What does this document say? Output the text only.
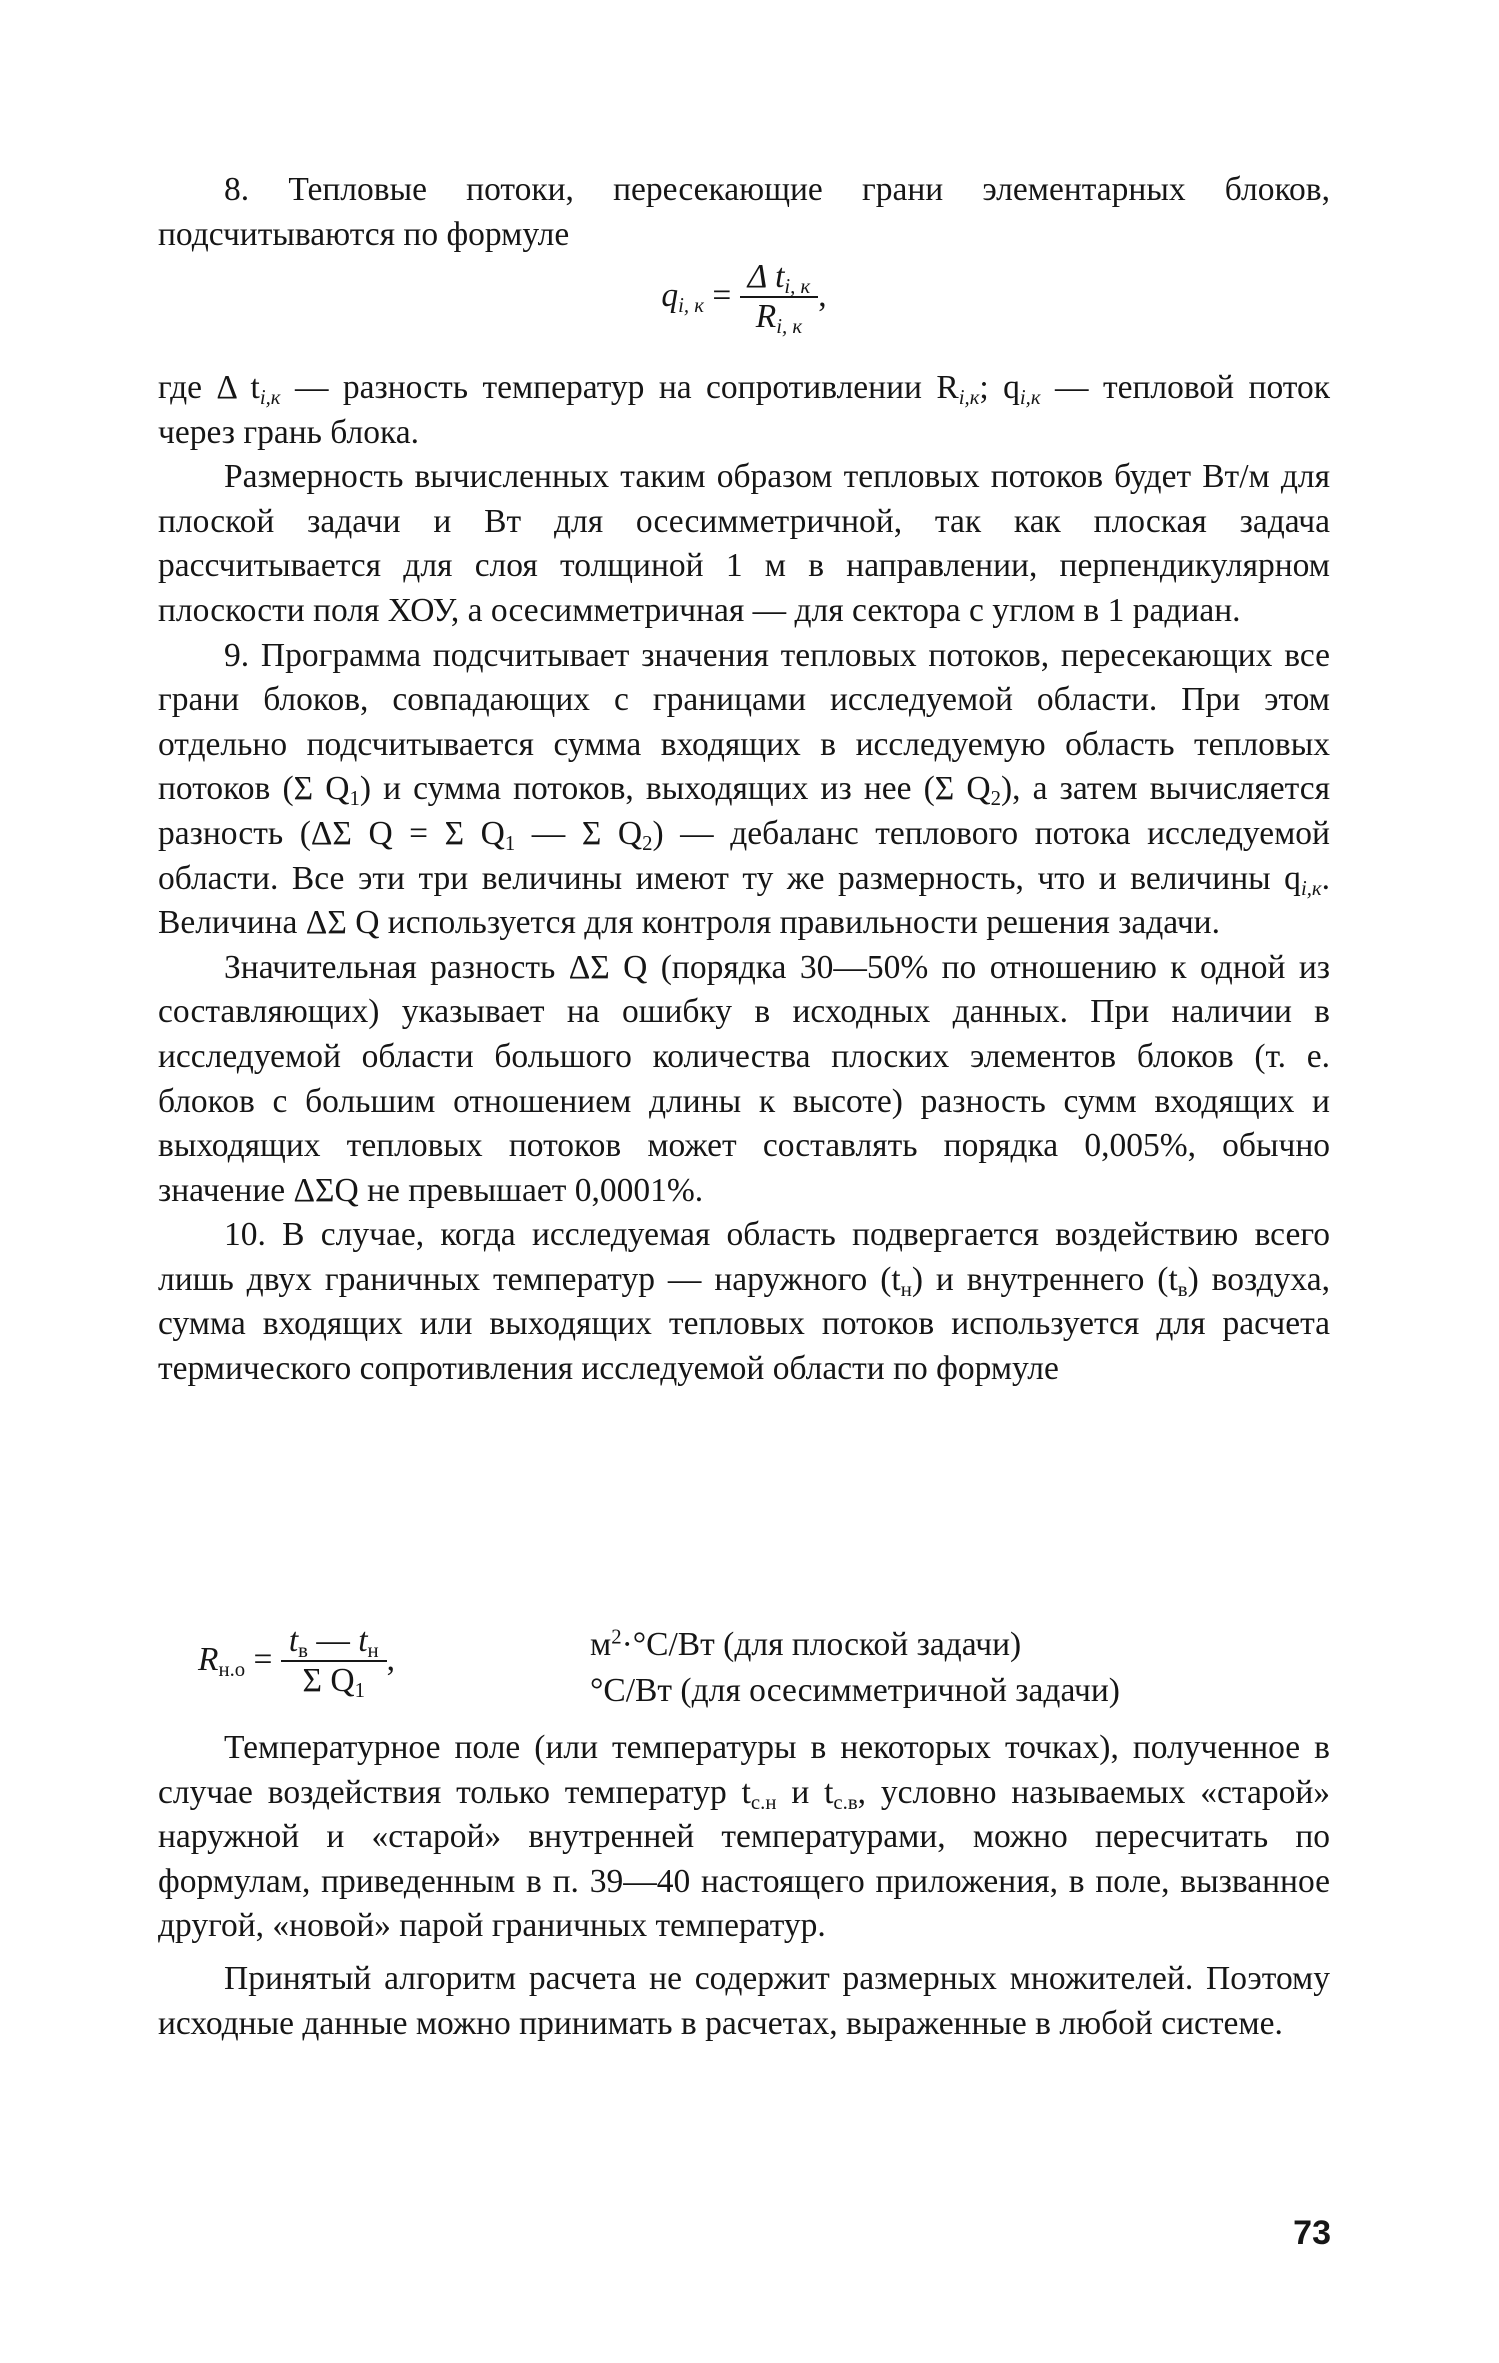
8. Тепловые потоки, пересекающие грани элементарных блоков, подсчитываются по формуле

$q_{i, к} = \frac{\Delta t_{i, к}}{R_{i, к}}$ ,

где Δ $t_{i,к}$ — разность температур на сопротивлении $R_{i,к}$; $q_{i,к}$ — тепловой поток через грань блока.

Размерность вычисленных таким образом тепловых потоков будет Вт/м для плоской задачи и Вт для осесимметричной, так как плоская задача рассчитывается для слоя толщиной 1 м в направлении, перпендикулярном плоскости поля ХОУ, а осесимметричная — для сектора с углом в 1 радиан.

9. Программа подсчитывает значения тепловых потоков, пересекающих все грани блоков, совпадающих с границами исследуемой области. При этом отдельно подсчитывается сумма входящих в исследуемую область тепловых потоков (Σ $Q_1$) и сумма потоков, выходящих из нее (Σ $Q_2$), а затем вычисляется разность (ΔΣ Q = Σ $Q_1$ — Σ $Q_2$) — дебаланс теплового потока исследуемой области. Все эти три величины имеют ту же размерность, что и величины $q_{i,к}$. Величина ΔΣ Q используется для контроля правильности решения задачи.

Значительная разность ΔΣ Q (порядка 30—50% по отношению к одной из составляющих) указывает на ошибку в исходных данных. При наличии в исследуемой области большого количества плоских элементов блоков (т. е. блоков с большим отношением длины к высоте) разность сумм входящих и выходящих тепловых потоков может составлять порядка 0,005%, обычно значение ΔΣQ не превышает 0,0001%.

10. В случае, когда исследуемая область подвергается воздействию всего лишь двух граничных температур — наружного $(t_н)$ и внутреннего $(t_в)$ воздуха, сумма входящих или выходящих тепловых потоков используется для расчета термического сопротивления исследуемой области по формуле

$R_{н.о} = \frac{t_в — t_н}{\Sigma Q_1}$ ,	$м^2\cdot^\circ С/Вт$ (для плоской задачи)
°С/Вт (для осесимметричной задачи)

Температурное поле (или температуры в некоторых точках), полученное в случае воздействия только температур $t_{с.н}$ и $t_{с.в}$, условно называемых «старой» наружной и «старой» внутренней температурами, можно пересчитать по формулам, приведенным в п. 39—40 настоящего приложения, в поле, вызванное другой, «новой» парой граничных температур.

Принятый алгоритм расчета не содержит размерных множителей. Поэтому исходные данные можно принимать в расчетах, выраженные в любой системе.

73
